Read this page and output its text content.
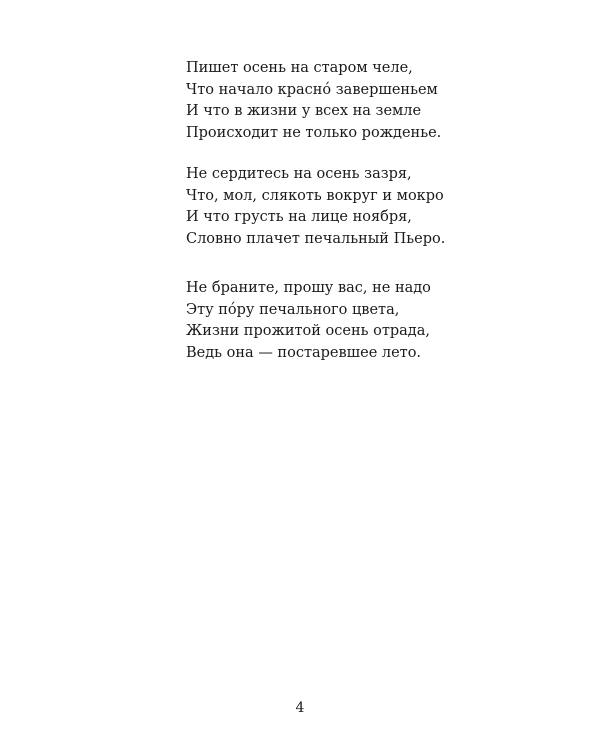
Пишет осень на старом челе,
Что начало краснó завершеньем
И что в жизни у всех на земле
Происходит не только рожденье.
Не сердитесь на осень зазря,
Что, мол, слякоть вокруг и мокро
И что грусть на лице ноября,
Словно плачет печальный Пьеро.
Не браните, прошу вас, не надо
Эту пóру печального цвета,
Жизни прожитой осень отрада,
Ведь она — постаревшее лето.
4
